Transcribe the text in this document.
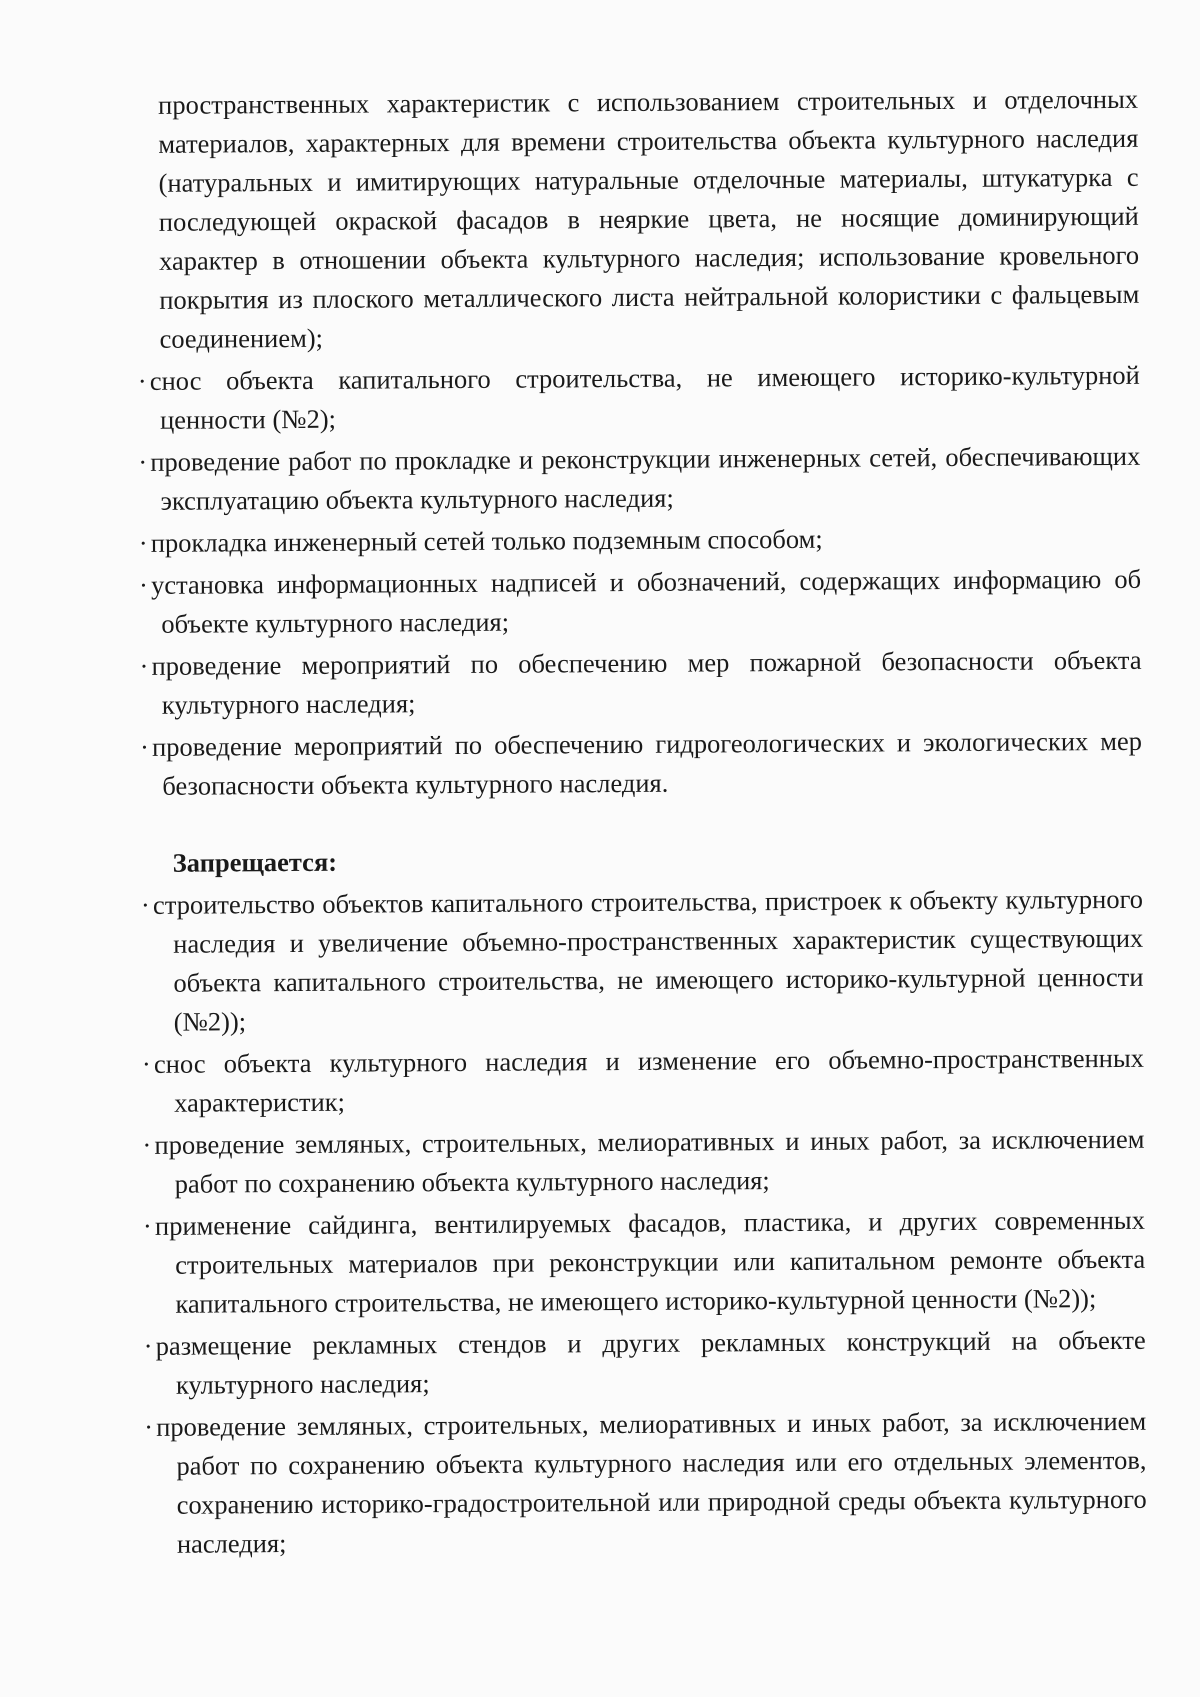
пространственных характеристик с использованием строительных и отделочных материалов, характерных для времени строительства объекта культурного наследия (натуральных и имитирующих натуральные отделочные материалы, штукатурка с последующей окраской фасадов в неяркие цвета, не носящие доминирующий характер в отношении объекта культурного наследия; использование кровельного покрытия из плоского металлического листа нейтральной колористики с фальцевым соединением);

· снос объекта капитального строительства, не имеющего историко-культурной ценности (№2);
· проведение работ по прокладке и реконструкции инженерных сетей, обеспечивающих эксплуатацию объекта культурного наследия;
· прокладка инженерный сетей только подземным способом;
· установка информационных надписей и обозначений, содержащих информацию об объекте культурного наследия;
· проведение мероприятий по обеспечению мер пожарной безопасности объекта культурного наследия;
· проведение мероприятий по обеспечению гидрогеологических и экологических мер безопасности объекта культурного наследия.
Запрещается:
· строительство объектов капитального строительства, пристроек к объекту культурного наследия и увеличение объемно-пространственных характеристик существующих объекта капитального строительства, не имеющего историко-культурной ценности (№2));
· снос объекта культурного наследия и изменение его объемно-пространственных характеристик;
· проведение земляных, строительных, мелиоративных и иных работ, за исключением работ по сохранению объекта культурного наследия;
· применение сайдинга, вентилируемых фасадов, пластика, и других современных строительных материалов при реконструкции или капитальном ремонте объекта капитального строительства, не имеющего историко-культурной ценности (№2));
· размещение рекламных стендов и других рекламных конструкций на объекте культурного наследия;
· проведение земляных, строительных, мелиоративных и иных работ, за исключением работ по сохранению объекта культурного наследия или его отдельных элементов, сохранению историко-градостроительной или природной среды объекта культурного наследия;
